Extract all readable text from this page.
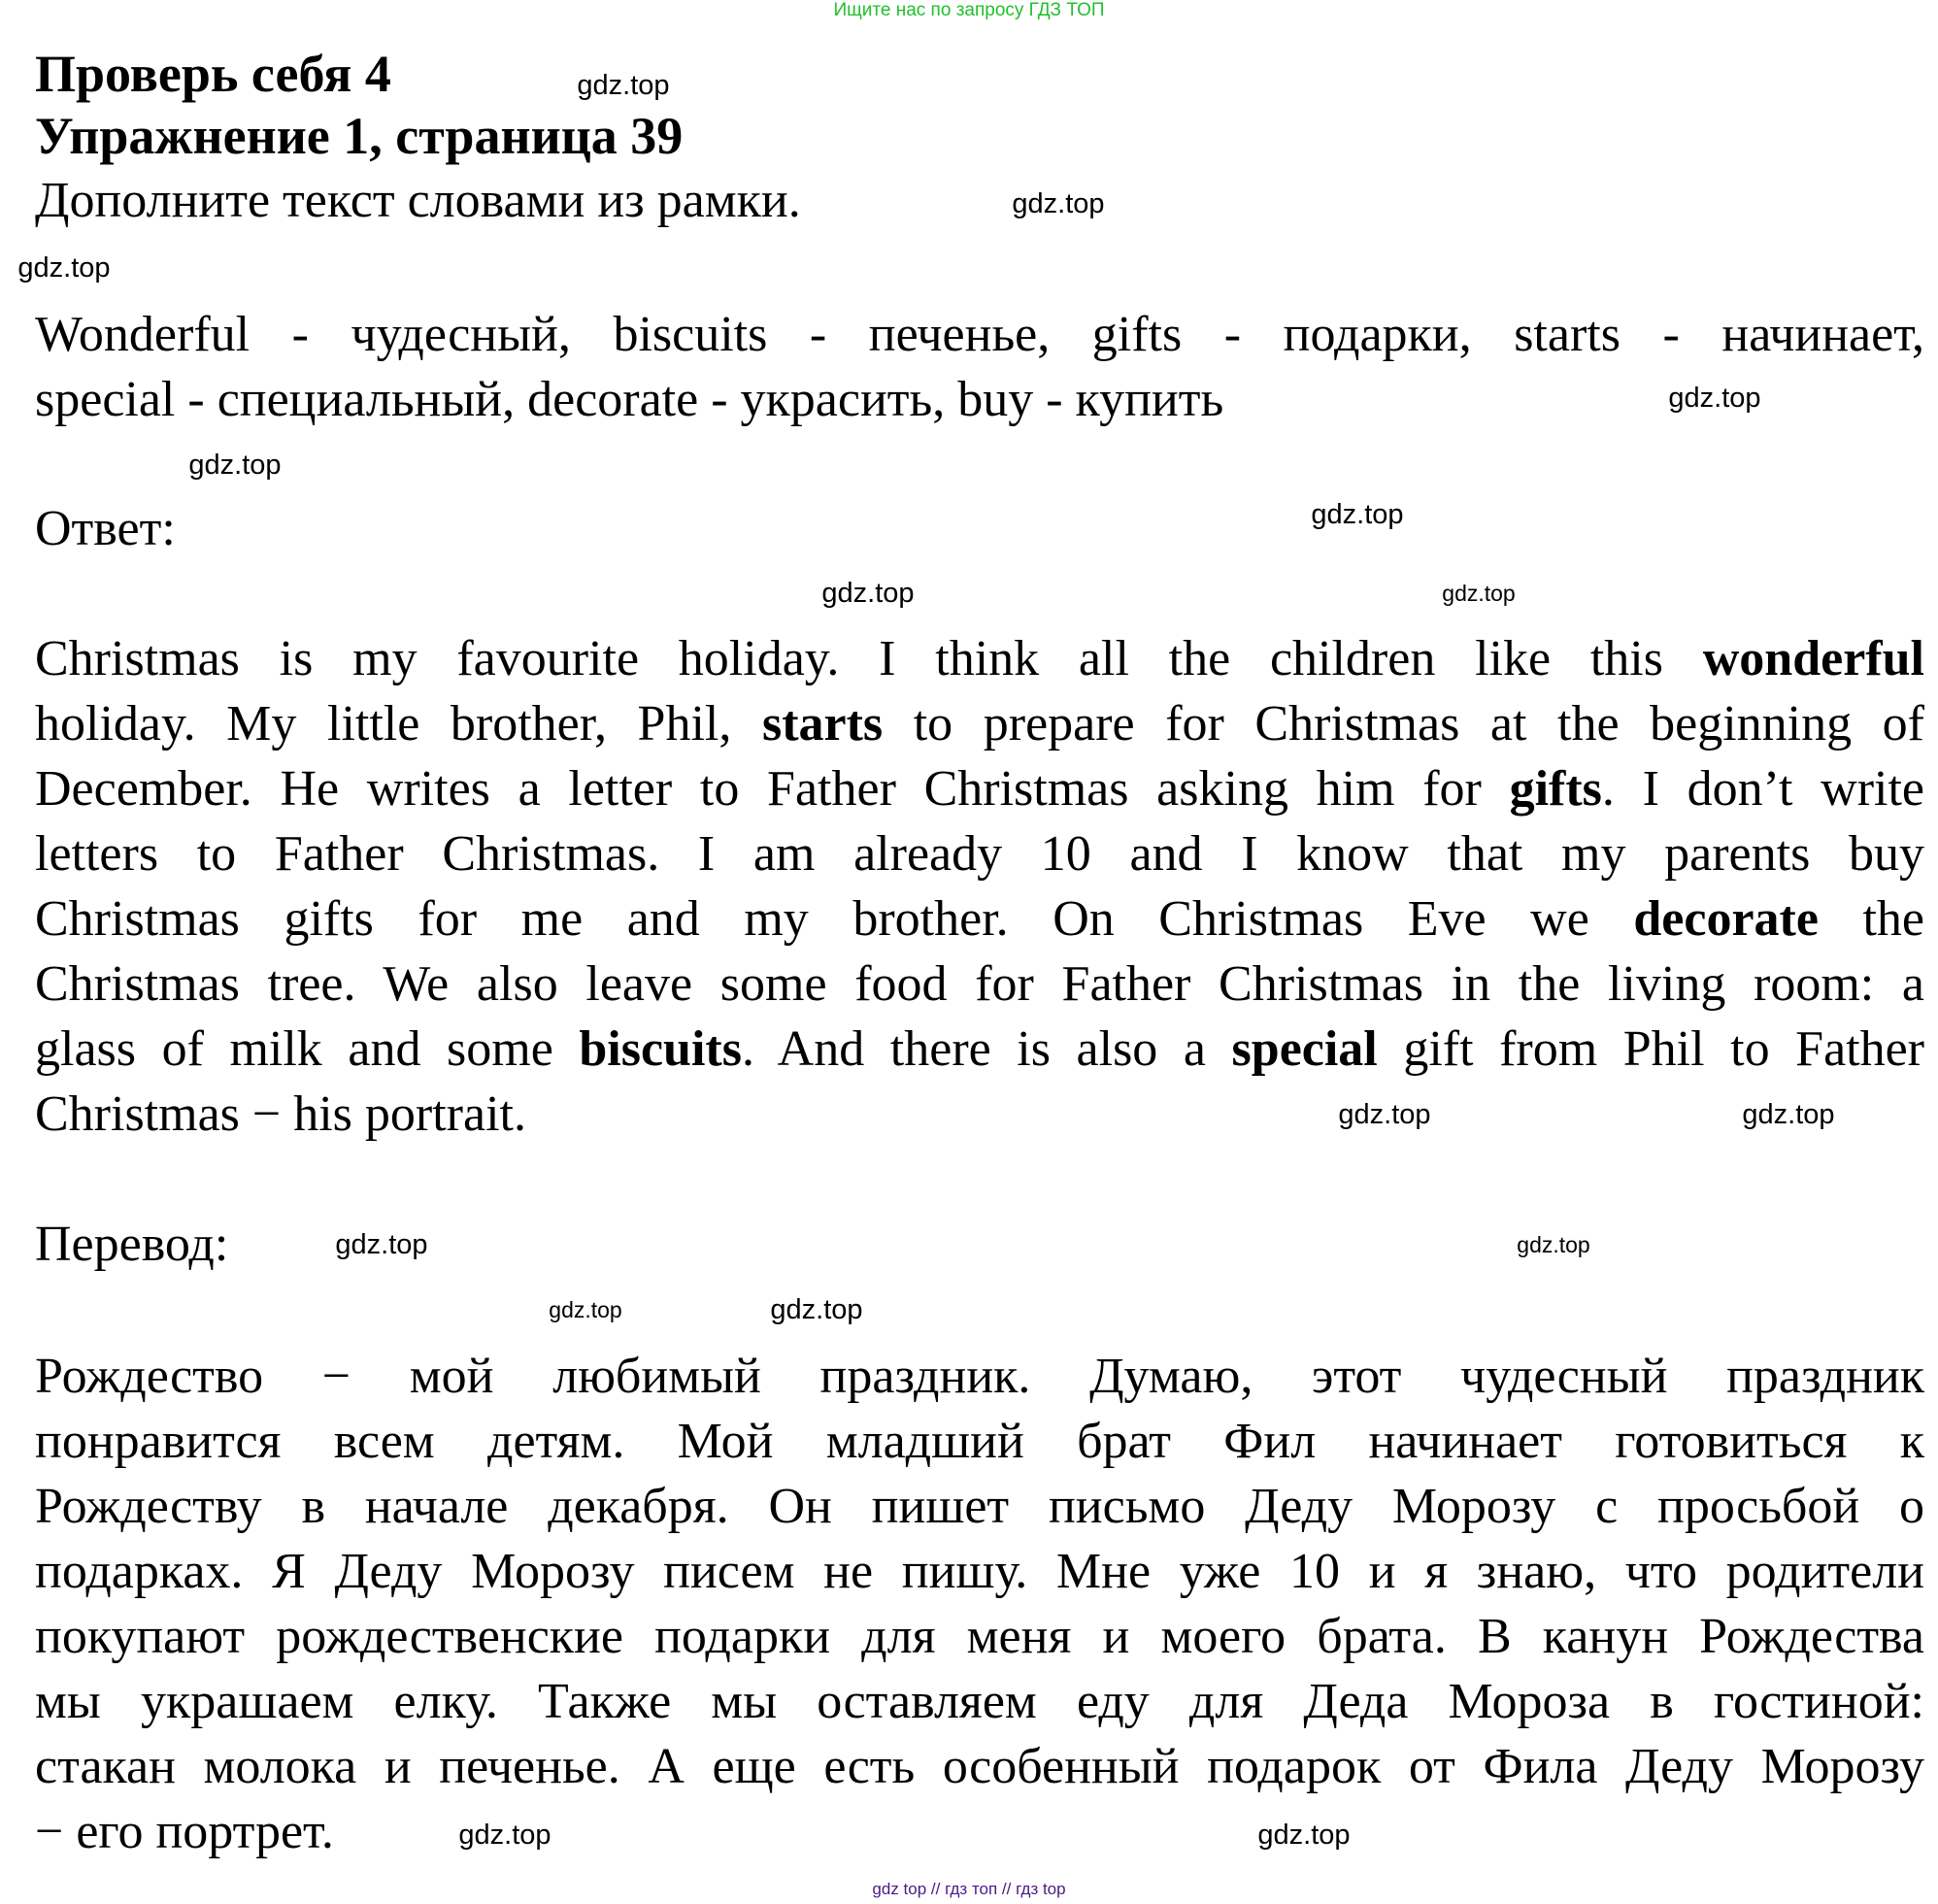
Ищите нас по запросу ГДЗ ТОП
Проверь себя 4
Упражнение 1, страница 39
Дополните текст словами из рамки.
Wonderful - чудесный, biscuits - печенье, gifts - подарки, starts - начинает,
special - специальный, decorate - украсить, buy - купить
Ответ:
Christmas is my favourite holiday. I think all the children like this wonderful
holiday. My little brother, Phil, starts to prepare for Christmas at the beginning of
December. He writes a letter to Father Christmas asking him for gifts. I don’t write
letters to Father Christmas. I am already 10 and I know that my parents buy
Christmas gifts for me and my brother. On Christmas Eve we decorate the
Christmas tree. We also leave some food for Father Christmas in the living room: a
glass of milk and some biscuits. And there is also a special gift from Phil to Father
Christmas − his portrait.
Перевод:
Рождество − мой любимый праздник. Думаю, этот чудесный праздник
понравится всем детям. Мой младший брат Фил начинает готовиться к
Рождеству в начале декабря. Он пишет письмо Деду Морозу с просьбой о
подарках. Я Деду Морозу писем не пишу. Мне уже 10 и я знаю, что родители
покупают рождественские подарки для меня и моего брата. В канун Рождества
мы украшаем елку. Также мы оставляем еду для Деда Мороза в гостиной:
стакан молока и печенье. А еще есть особенный подарок от Фила Деду Морозу
− его портрет.
gdz.top
gdz.top
gdz.top
gdz.top
gdz.top
gdz.top
gdz.top	gdz.top
gdz.top
gdz.top
gdz.top
gdz.top
gdz.top
gdz.top
gdz.top	gdz.top
gdz top // гдз топ // гдз top
